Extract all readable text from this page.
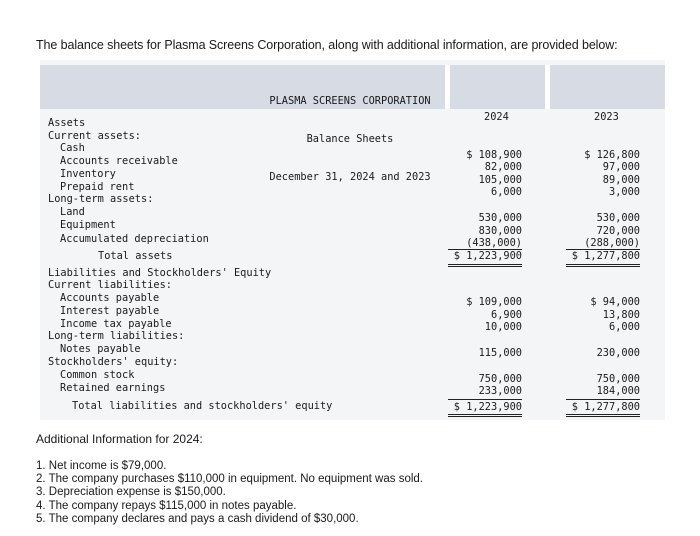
The balance sheets for Plasma Screens Corporation, along with additional information, are provided below:

PLASMA SCREENS CORPORATION

Balance Sheets

December 31, 2024 and 2023

2024	2023
Assets
Current assets:
Cash
Accounts receivable
Inventory
Prepaid rent
Long-term assets:
Land
Equipment
Accumulated depreciation
Total assets
Liabilities and Stockholders' Equity
Current liabilities:
Accounts payable
Interest payable
Income tax payable
Long-term liabilities:
Notes payable
Stockholders' equity:
Common stock
Retained earnings
Total liabilities and stockholders' equity
$ 108,900
82,000
105,000
6,000
530,000
830,000
(438,000)
$ 1,223,900
$ 109,000
6,900
10,000
115,000
750,000
233,000
$ 1,223,900
$ 126,800
97,000
89,000
3,000
530,000
720,000
(288,000)
$ 1,277,800
$ 94,000
13,800
6,000
230,000
750,000
184,000
$ 1,277,800
Additional Information for 2024:
1. Net income is $79,000.
2. The company purchases $110,000 in equipment. No equipment was sold.
3. Depreciation expense is $150,000.
4. The company repays $115,000 in notes payable.
5. The company declares and pays a cash dividend of $30,000.
